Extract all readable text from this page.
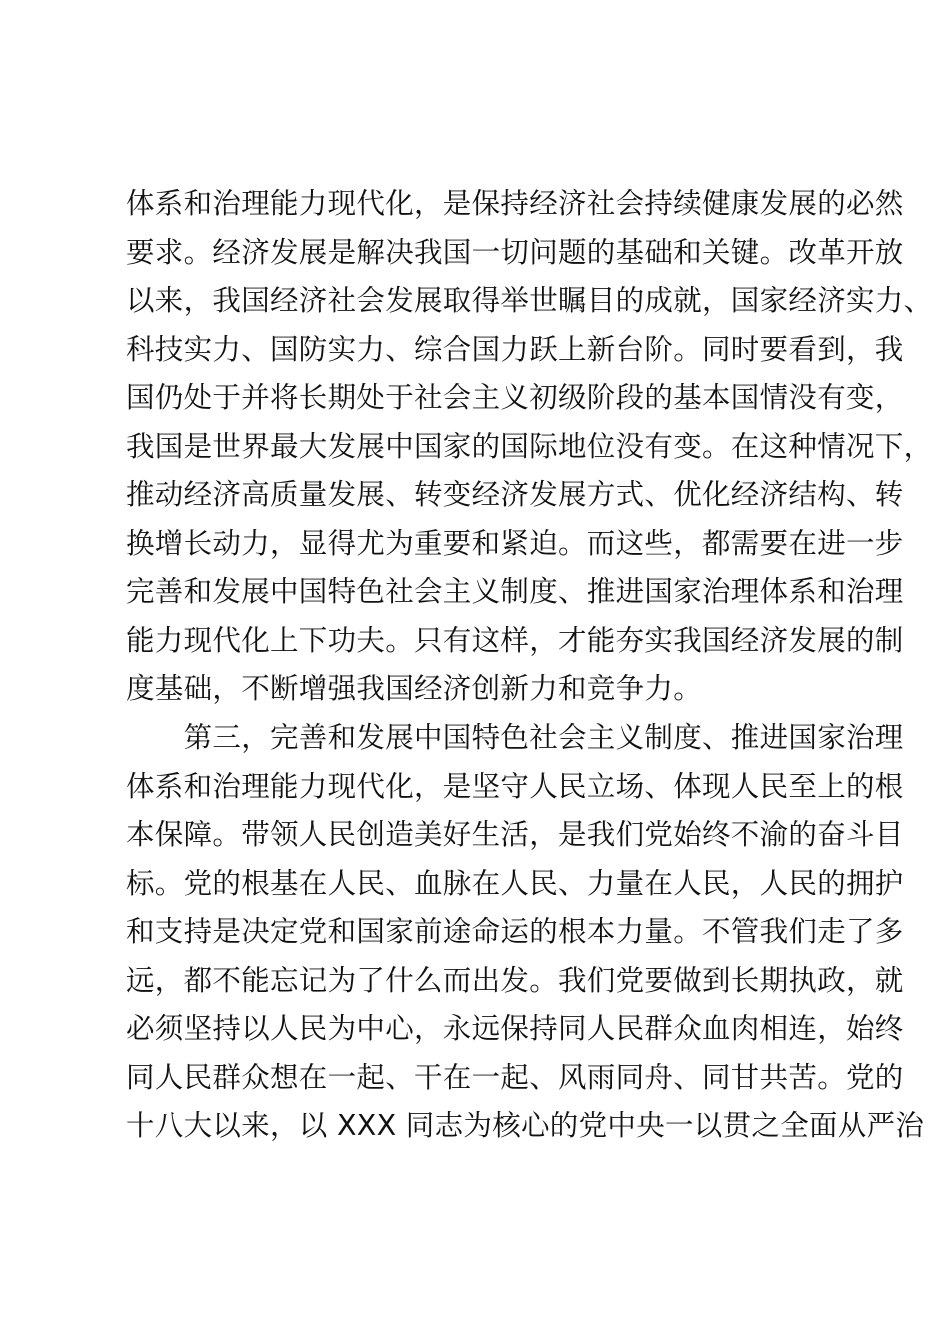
体系和治理能力现代化，是保持经济社会持续健康发展的必然
要求。经济发展是解决我国一切问题的基础和关键。改革开放
以来，我国经济社会发展取得举世瞩目的成就，国家经济实力、
科技实力、国防实力、综合国力跃上新台阶。同时要看到，我
国仍处于并将长期处于社会主义初级阶段的基本国情没有变，
我国是世界最大发展中国家的国际地位没有变。在这种情况下，
推动经济高质量发展、转变经济发展方式、优化经济结构、转
换增长动力，显得尤为重要和紧迫。而这些，都需要在进一步
完善和发展中国特色社会主义制度、推进国家治理体系和治理
能力现代化上下功夫。只有这样，才能夯实我国经济发展的制
度基础，不断增强我国经济创新力和竞争力。
　　第三，完善和发展中国特色社会主义制度、推进国家治理
体系和治理能力现代化，是坚守人民立场、体现人民至上的根
本保障。带领人民创造美好生活，是我们党始终不渝的奋斗目
标。党的根基在人民、血脉在人民、力量在人民，人民的拥护
和支持是决定党和国家前途命运的根本力量。不管我们走了多
远，都不能忘记为了什么而出发。我们党要做到长期执政，就
必须坚持以人民为中心，永远保持同人民群众血肉相连，始终
同人民群众想在一起、干在一起、风雨同舟、同甘共苦。党的
十八大以来，以 XXX 同志为核心的党中央一以贯之全面从严治
